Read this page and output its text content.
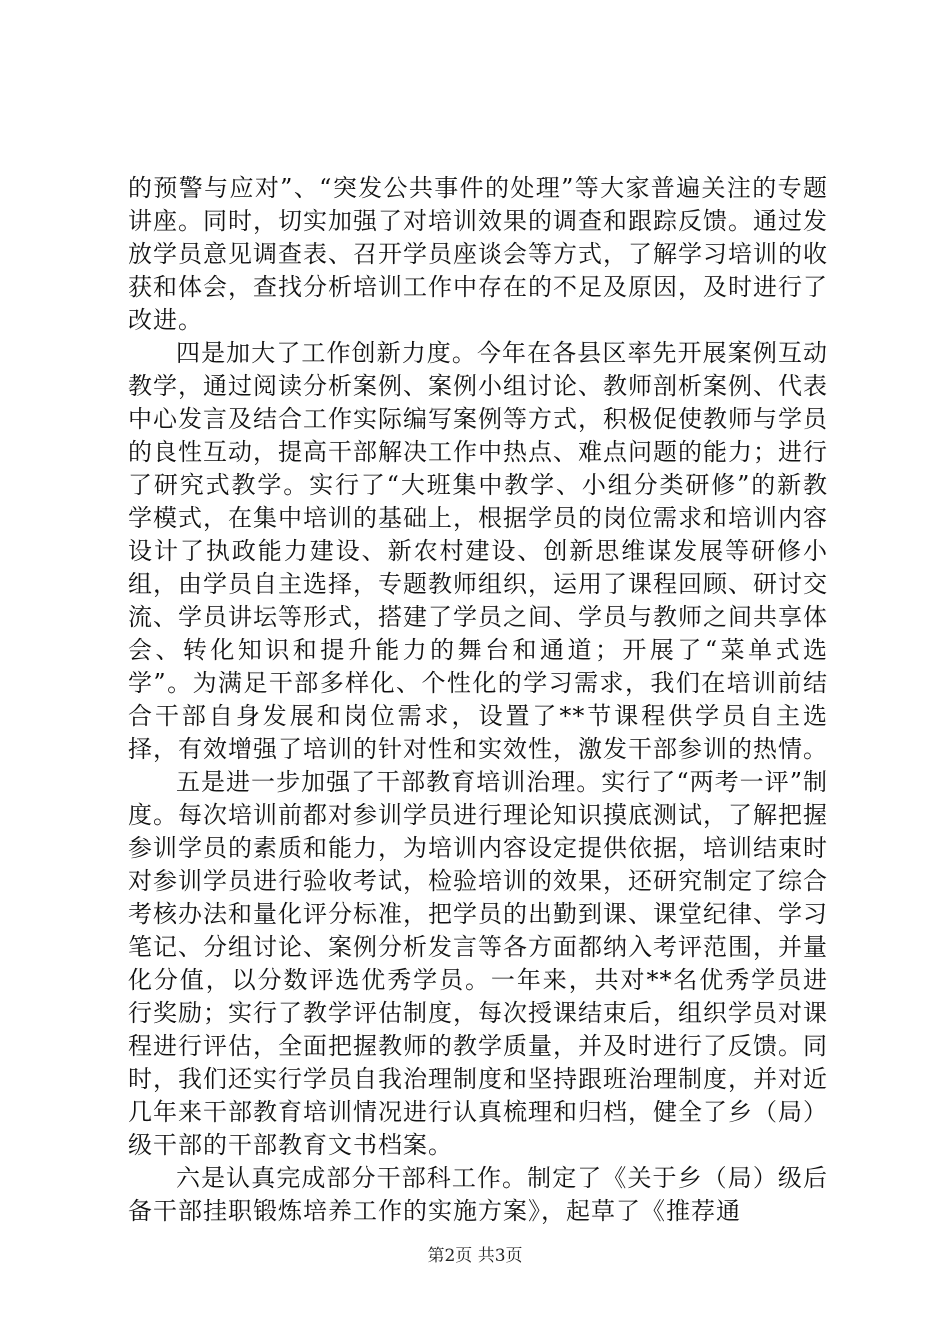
的预警与应对”、“突发公共事件的处理”等大家普遍关注的专题讲座。同时，切实加强了对培训效果的调查和跟踪反馈。通过发放学员意见调查表、召开学员座谈会等方式，了解学习培训的收获和体会，查找分析培训工作中存在的不足及原因，及时进行了改进。

四是加大了工作创新力度。今年在各县区率先开展案例互动教学，通过阅读分析案例、案例小组讨论、教师剖析案例、代表中心发言及结合工作实际编写案例等方式，积极促使教师与学员的良性互动，提高干部解决工作中热点、难点问题的能力；进行了研究式教学。实行了“大班集中教学、小组分类研修”的新教学模式，在集中培训的基础上，根据学员的岗位需求和培训内容设计了执政能力建设、新农村建设、创新思维谋发展等研修小组，由学员自主选择，专题教师组织，运用了课程回顾、研讨交流、学员讲坛等形式，搭建了学员之间、学员与教师之间共享体会、转化知识和提升能力的舞台和通道；开展了“菜单式选学”。为满足干部多样化、个性化的学习需求，我们在培训前结合干部自身发展和岗位需求，设置了**节课程供学员自主选择，有效增强了培训的针对性和实效性，激发干部参训的热情。

五是进一步加强了干部教育培训治理。实行了“两考一评”制度。每次培训前都对参训学员进行理论知识摸底测试，了解把握参训学员的素质和能力，为培训内容设定提供依据，培训结束时对参训学员进行验收考试，检验培训的效果，还研究制定了综合考核办法和量化评分标准，把学员的出勤到课、课堂纪律、学习笔记、分组讨论、案例分析发言等各方面都纳入考评范围，并量化分值，以分数评选优秀学员。一年来，共对**名优秀学员进行奖励；实行了教学评估制度，每次授课结束后，组织学员对课程进行评估，全面把握教师的教学质量，并及时进行了反馈。同时，我们还实行学员自我治理制度和坚持跟班治理制度，并对近几年来干部教育培训情况进行认真梳理和归档，健全了乡（局）级干部的干部教育文书档案。

六是认真完成部分干部科工作。制定了《关于乡（局）级后备干部挂职锻炼培养工作的实施方案》，起草了《推荐通

第2页 共3页
